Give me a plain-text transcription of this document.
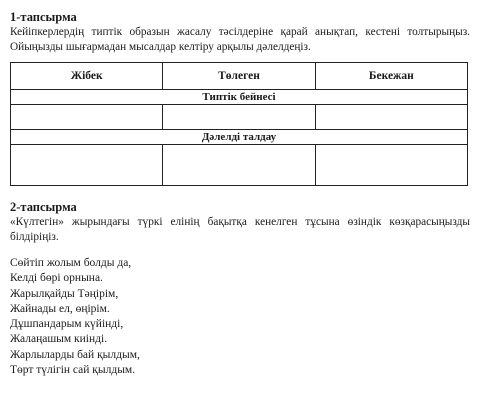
1-тапсырма
Кейіпкерлердің типтік образын жасалу тәсілдеріне қарай анықтап, кестені толтырыңыз. Ойыңызды шығармадан мысалдар келтіру арқылы дәлелдеңіз.
Жібек	Төлеген	Бекежан
Типтік бейнесі		

Дәлелді талдау		

2-тапсырма
«Күлтегін» жырындағы түркі елінің бақытқа кенелген тұсына өзіндік көзқарасыңызды білдіріңіз.
Сөйтіп жолым болды да,
Келді бөрі орнына.
Жарылқайды Тәңірім,
Жайнады ел, өңірім.
Дұшпандарым күйінді,
Жалаңашым киінді.
Жарлыларды бай қылдым,
Төрт түлігін сай қылдым.
